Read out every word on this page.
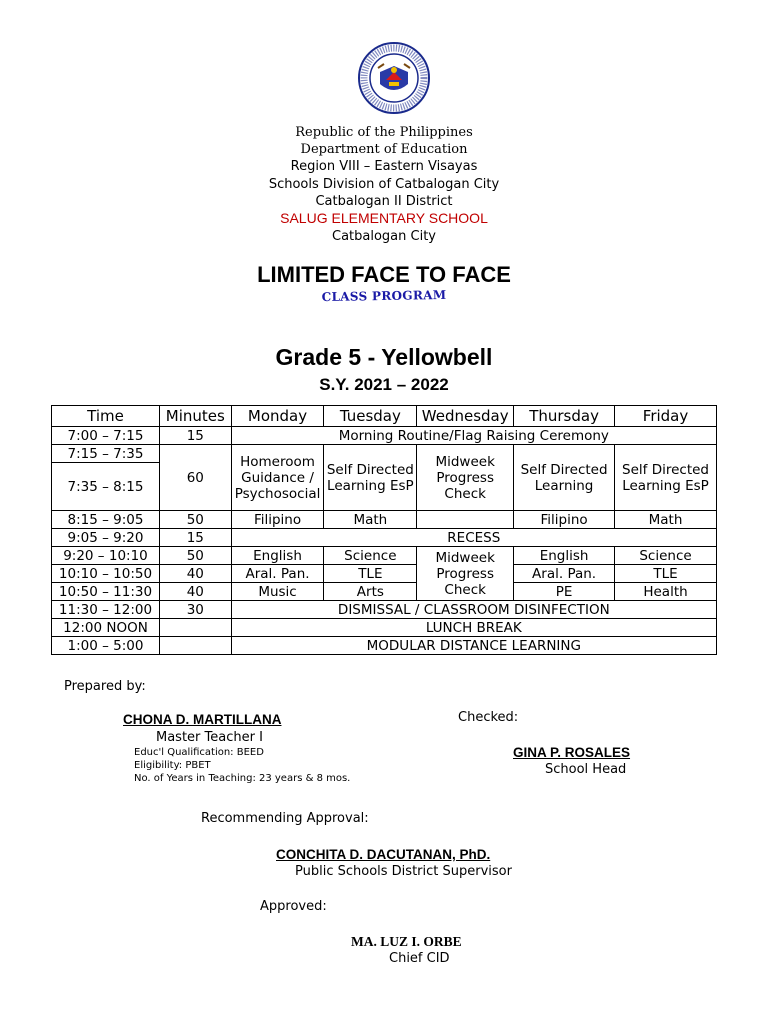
Republic of the Philippines
Department of Education
Region VIII – Eastern Visayas
Schools Division of Catbalogan City
Catbalogan II District
SALUG ELEMENTARY SCHOOL
Catbalogan City
LIMITED FACE TO FACE
CLASS PROGRAM
Grade 5 - Yellowbell
S.Y. 2021 – 2022
Time	Minutes	Monday	Tuesday	Wednesday	Thursday	Friday
7:00 – 7:15	15	Morning Routine/Flag Raising Ceremony				
7:15 – 7:35	60	Homeroom Guidance / Psychosocial	Self Directed Learning EsP	Midweek Progress Check	Self Directed Learning	Self Directed Learning EsP
7:35 – 8:15						
8:15 – 9:05	50	Filipino	Math		Filipino	Math
9:05 – 9:20	15	RECESS				
9:20 – 10:10	50	English	Science	Midweek Progress Check	English	Science
10:10 – 10:50	40	Aral. Pan.	TLE		Aral. Pan.	TLE
10:50 – 11:30	40	Music	Arts		PE	Health
11:30 – 12:00	30	DISMISSAL / CLASSROOM DISINFECTION				
12:00 NOON		LUNCH BREAK				
1:00 – 5:00		MODULAR DISTANCE LEARNING				
Prepared by:
CHONA D. MARTILLANA
Master Teacher I
Educ'l Qualification: BEED
Eligibility: PBET
No. of Years in Teaching: 23 years & 8 mos.
Checked:
GINA P. ROSALES
School Head
Recommending Approval:
CONCHITA D. DACUTANAN, PhD.
Public Schools District Supervisor
Approved:
MA. LUZ I. ORBE
Chief CID
